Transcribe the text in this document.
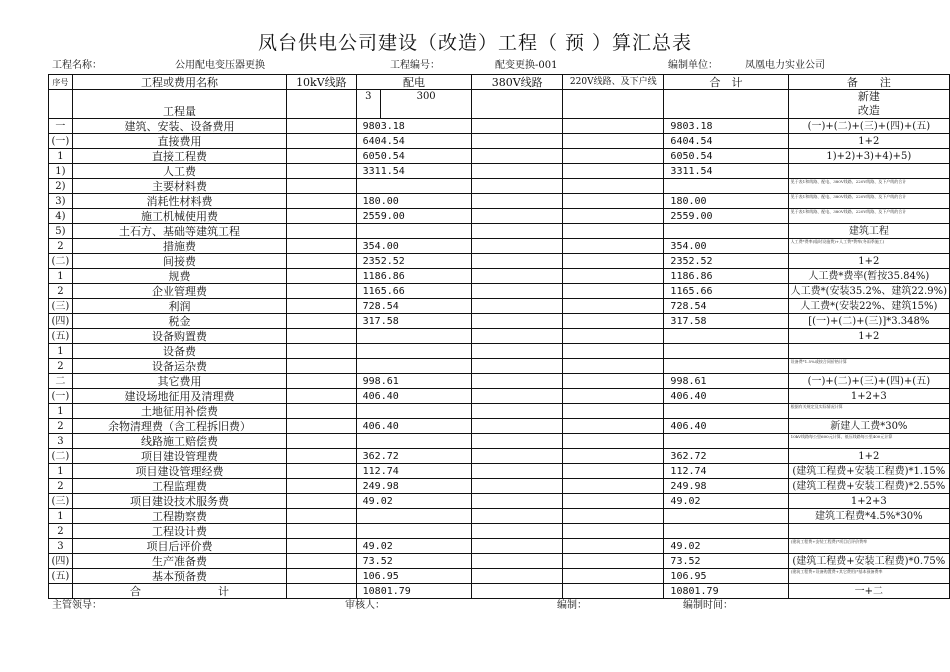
凤台供电公司建设（改造）工程（ 预 ）算汇总表
工程名称：	公用配电变压器更换	工程编号：	配变更换-001	编制单位：	凤凰电力实业公司
序号	工程或费用名称	10kV线路	配电		380V线路	220V线路、及下户线	合　计	备　　注
	工程量		3	300				新建
改造
一	建筑、安装、设备费用		9803.18				9803.18	(一)+(二)+(三)+(四)+(五)
(一)	直接费用		6404.54				6404.54	1+2
1	直接工程费		6050.54				6050.54	1)+2)+3)+4)+5)
1)	人工费		3311.54				3311.54	
2)	主要材料费							见于表1和线路、配电、380V线路、220V线路、及下户线的合计
3)	消耗性材料费		180.00				180.00	见于表1和线路、配电、380V线路、220V线路、及下户线的合计
4)	施工机械使用费		2559.00				2559.00	见于表1和线路、配电、380V线路、220V线路、及下户线的合计
5)	土石方、基础等建筑工程							建筑工程
2	措施费		354.00				354.00	人工费*费率(临时设施费)+人工费*费率(冬雨季施工)
(二)	间接费		2352.52				2352.52	1+2
1	规费		1186.86				1186.86	人工费*费率(暂按35.84%)
2	企业管理费		1165.66				1165.66	人工费*(安装35.2%、建筑22.9%)
(三)	利润		728.54				728.54	人工费*(安装22%、建筑15%)
(四)	税金		317.58				317.58	[(一)+(二)+(三)]*3.348%
(五)	设备购置费							1+2
1	设备费							
2	设备运杂费							设备费*1.5%或按合同价格计算
二	其它费用		998.61				998.61	(一)+(二)+(三)+(四)+(五)
(一)	建设场地征用及清理费		406.40				406.40	1+2+3
1	土地征用补偿费							根据有关规定及实际情况计算
2	余物清理费（含工程拆旧费）		406.40				406.40	新建人工费*30%
3	线路施工赔偿费							10kV线路每公里600元计算，低压线路每公里400元计算
(二)	项目建设管理费		362.72				362.72	1+2
1	项目建设管理经费		112.74				112.74	(建筑工程费+安装工程费)*1.15%
2	工程监理费		249.98				249.98	(建筑工程费+安装工程费)*2.55%
(三)	项目建设技术服务费		49.02				49.02	1+2+3
1	工程勘察费							建筑工程费*4.5%*30%
2	工程设计费							
3	项目后评价费		49.02				49.02	(建筑工程费+安装工程费)*项目后评价费率
(四)	生产准备费		73.52				73.52	(建筑工程费+安装工程费)*0.75%
(五)	基本预备费		106.95				106.95	(建筑工程费+设备购置费+其它费用)*基本预备费率
	合　　　　　　　计		10801.79				10801.79	一+二
主管领导：	审核人：	编制：	编制时间：
